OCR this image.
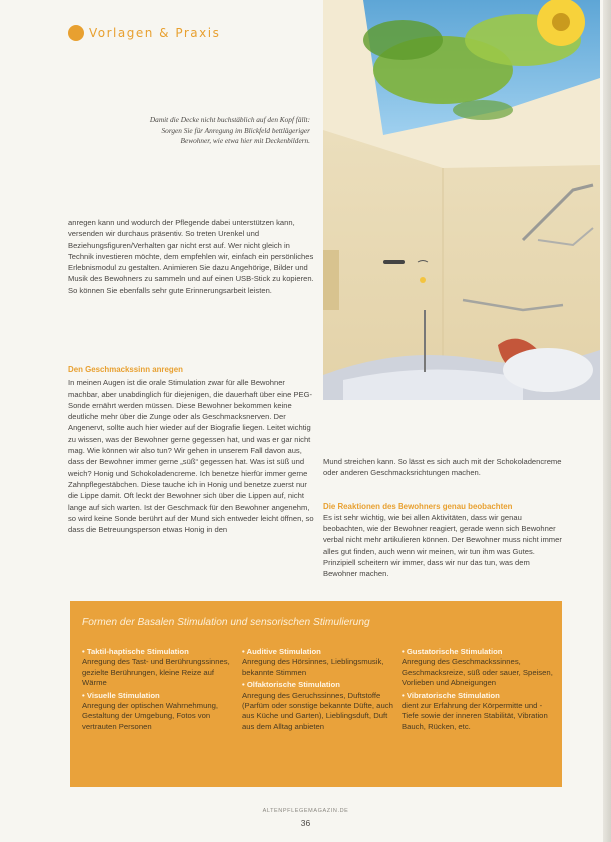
Vorlagen & Praxis
Damit die Decke nicht buchstäblich auf den Kopf fällt: Sorgen Sie für Anregung im Blickfeld bettlägeriger Bewohner, wie etwa hier mit Deckenbildern.

anregen kann und wodurch der Pflegende dabei unterstützen kann, versenden wir durchaus präsentiv. So treten Urenkel und Beziehungsfiguren/Verhalten gar nicht erst auf. Wer nicht gleich in Technik investieren möchte, dem empfehlen wir, einfach ein persönliches Erlebnismodul zu gestalten. Animieren Sie dazu Angehörige, Bilder und Musik des Bewohners zu sammeln und auf einen USB-Stick zu kopieren. So können Sie ebenfalls sehr gute Erinnerungsarbeit leisten.

Den Geschmackssinn anregen

In meinen Augen ist die orale Stimulation zwar für alle Bewohner machbar, aber unabdinglich für diejenigen, die dauerhaft über eine PEG-Sonde ernährt werden müssen. Diese Bewohner bekommen keine deutliche mehr über die Zunge oder als Geschmacksnerven. Der Angenervt, sollte auch hier wieder auf der Biografie liegen. Leitet wichtig zu wissen, was der Bewohner gerne gegessen hat, und was er gar nicht mag. Wie können wir also tun? Wir gehen in unserem Fall davon aus, dass der Bewohner immer gerne „süß“ gegessen hat. Was ist süß und weich? Honig und Schokoladencreme. Ich benetze hierfür immer gerne Zahnpflegestäbchen. Diese tauche ich in Honig und benetze zuerst nur die Lippe damit. Oft leckt der Bewohner sich über die Lippen auf, nicht lange auf sich warten. Ist der Geschmack für den Bewohner angenehm, so wird keine Sonde berührt auf der Mund sich entweder leicht öffnen, so dass die Betreuungsperson etwas Honig in den

Mund streichen kann. So lässt es sich auch mit der Schokoladencreme oder anderen Geschmacksrichtungen machen.

Die Reaktionen des Bewohners genau beobachten

Es ist sehr wichtig, wie bei allen Aktivitäten, dass wir genau beobachten, wie der Bewohner reagiert, gerade wenn sich Bewohner verbal nicht mehr artikulieren können. Der Bewohner muss nicht immer alles gut finden, auch wenn wir meinen, wir tun ihm was Gutes. Prinzipiell scheitern wir immer, dass wir nur das tun, was dem Bewohner machen.

Formen der Basalen Stimulation und sensorischen Stimulierung
• Taktil-haptische Stimulation
Anregung des Tast- und Berührungssinnes, gezielte Berührungen, kleine Reize auf Wärme
• Visuelle Stimulation
Anregung der optischen Wahrnehmung, Gestaltung der Umgebung, Fotos von vertrauten Personen
• Auditive Stimulation
Anregung des Hörsinnes, Lieblingsmusik, bekannte Stimmen
• Olfaktorische Stimulation
Anregung des Geruchssinnes, Duftstoffe (Parfüm oder sonstige bekannte Düfte, auch aus Küche und Garten), Lieblingsduft, Duft aus dem Alltag anbieten
• Gustatorische Stimulation
Anregung des Geschmackssinnes, Geschmacksreize, süß oder sauer, Speisen, Vorlieben und Abneigungen
• Vibratorische Stimulation
dient zur Erfahrung der Körpermitte und -Tiefe sowie der inneren Stabilität, Vibration Bauch, Rücken, etc.
ALTENPFLEGEMAGAZIN.DE
36
